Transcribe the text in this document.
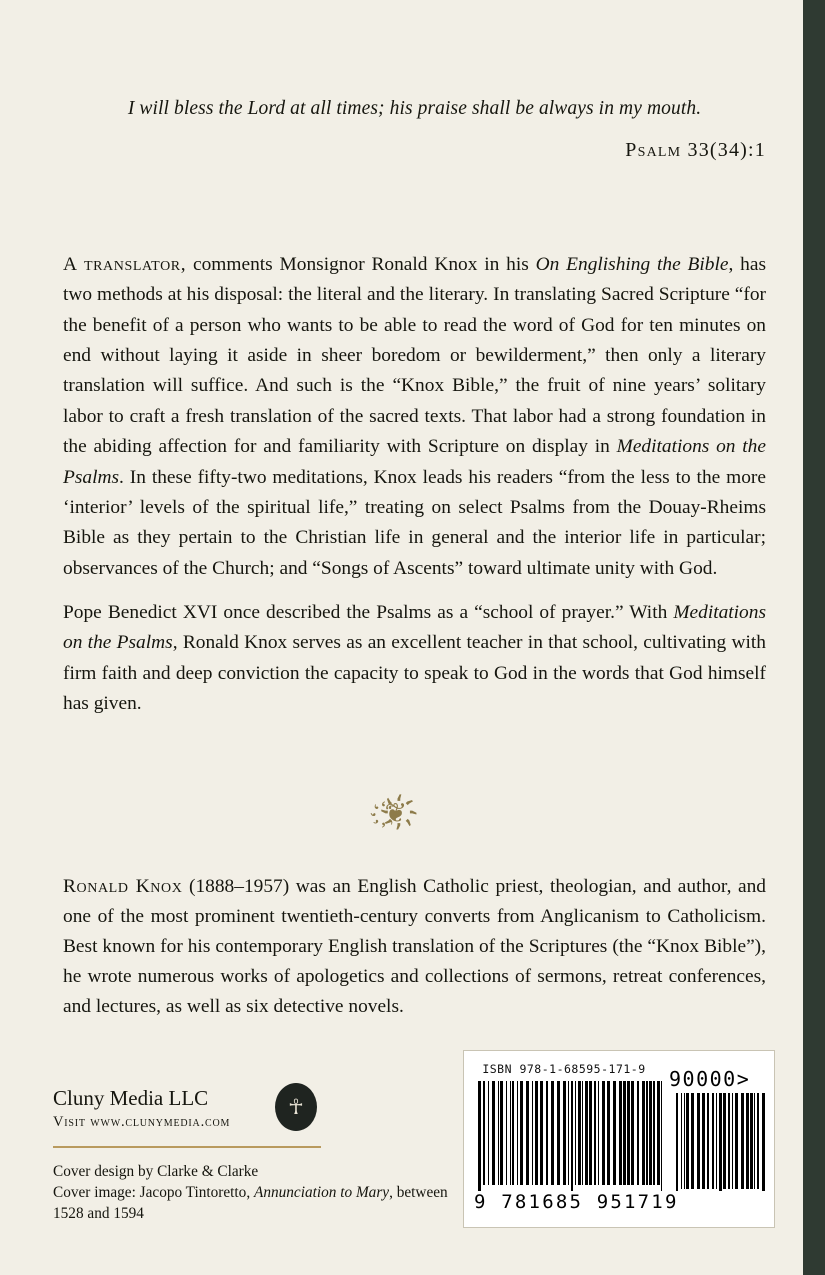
I will bless the Lord at all times; his praise shall be always in my mouth.
Psalm 33(34):1

A translator, comments Monsignor Ronald Knox in his On Englishing the Bible, has two methods at his disposal: the literal and the literary. In translating Sacred Scripture “for the benefit of a person who wants to be able to read the word of God for ten minutes on end without laying it aside in sheer boredom or bewilderment,” then only a literary translation will suffice. And such is the “Knox Bible,” the fruit of nine years’ solitary labor to craft a fresh translation of the sacred texts. That labor had a strong foundation in the abiding affection for and familiarity with Scripture on display in Meditations on the Psalms. In these fifty-two meditations, Knox leads his readers “from the less to the more ‘interior’ levels of the spiritual life,” treating on select Psalms from the Douay-Rheims Bible as they pertain to the Christian life in general and the interior life in particular; observances of the Church; and “Songs of Ascents” toward ultimate unity with God.

Pope Benedict XVI once described the Psalms as a “school of prayer.” With Meditations on the Psalms, Ronald Knox serves as an excellent teacher in that school, cultivating with firm faith and deep conviction the capacity to speak to God in the words that God himself has given.

҉❦҉

Ronald Knox (1888–1957) was an English Catholic priest, theologian, and author, and one of the most prominent twentieth-century converts from Anglicanism to Catholicism. Best known for his contemporary English translation of the Scriptures (the “Knox Bible”), he wrote numerous works of apologetics and collections of sermons, retreat conferences, and lectures, as well as six detective novels.

Cluny Media LLC
Visit www.clunymedia.com
Cover design by Clarke & Clarke
Cover image: Jacopo Tintoretto, Annunciation to Mary, between 1528 and 1594
☥
ISBN 978-1-68595-171-9
9 781685 951719
90000>
